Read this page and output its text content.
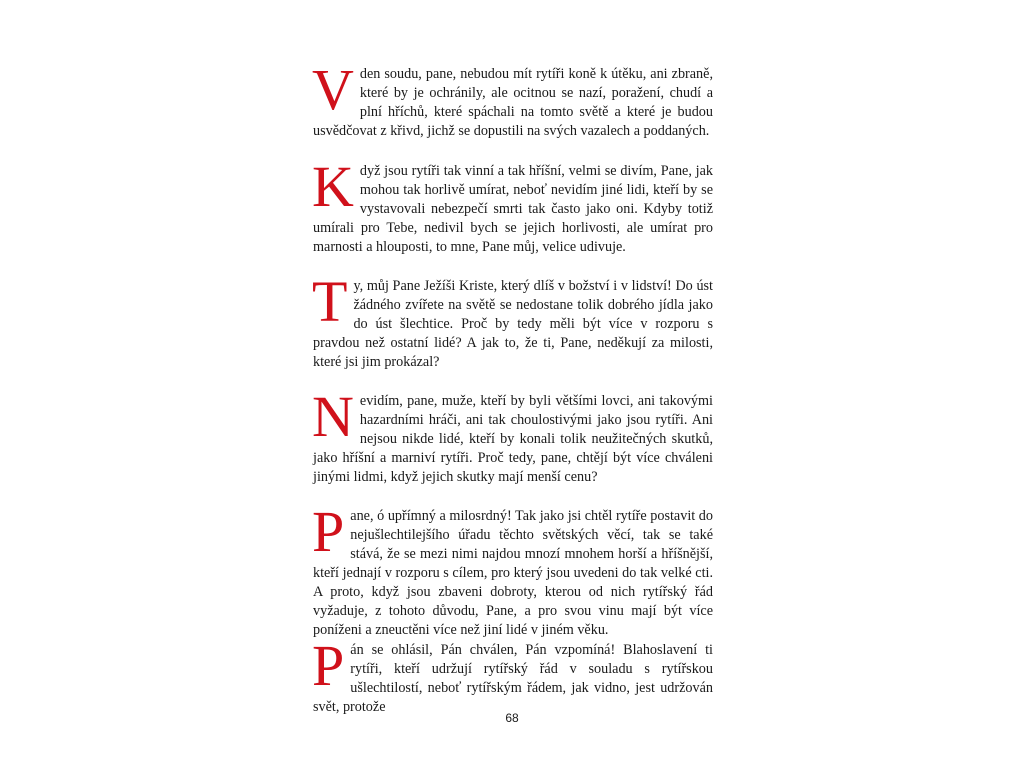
Vden soudu, pane, nebudou mít rytíři koně k útěku, ani zbraně, které by je ochránily, ale ocitnou se nazí, poražení, chudí a plní hříchů, které spáchali na tomto světě a které je budou usvědčovat z křivd, jichž se dopustili na svých vazalech a poddaných.

Když jsou rytíři tak vinní a tak hříšní, velmi se divím, Pane, jak mohou tak horlivě umírat, neboť nevidím jiné lidi, kteří by se vystavovali nebezpečí smrti tak často jako oni. Kdyby totiž umírali pro Tebe, nedivil bych se jejich horlivosti, ale umírat pro marnosti a hlouposti, to mne, Pane můj, velice udivuje.

Ty, můj Pane Ježíši Kriste, který dlíš v božství i v lidství! Do úst žádného zvířete na světě se nedostane tolik dobrého jídla jako do úst šlechtice. Proč by tedy měli být více v rozporu s pravdou než ostatní lidé? A jak to, že ti, Pane, neděkují za milosti, které jsi jim prokázal?

Nevidím, pane, muže, kteří by byli většími lovci, ani takovými hazardními hráči, ani tak choulostivými jako jsou rytíři. Ani nejsou nikde lidé, kteří by konali tolik neužitečných skutků, jako hříšní a marniví rytíři. Proč tedy, pane, chtějí být více chváleni jinými lidmi, když jejich skutky mají menší cenu?

Pane, ó upřímný a milosrdný! Tak jako jsi chtěl rytíře postavit do nejušlechtilejšího úřadu těchto světských věcí, tak se také stává, že se mezi nimi najdou mnozí mnohem horší a hříšnější, kteří jednají v rozporu s cílem, pro který jsou uvedeni do tak velké cti. A proto, když jsou zbaveni dobroty, kterou od nich rytířský řád vyžaduje, z tohoto důvodu, Pane, a pro svou vinu mají být více poníženi a zneuctěni více než jiní lidé v jiném věku.

Pán se ohlásil, Pán chválen, Pán vzpomíná! Blahoslavení ti rytíři, kteří udržují rytířský řád v souladu s rytířskou ušlechtilostí, neboť rytířským řádem, jak vidno, jest udržován svět, protože

68
